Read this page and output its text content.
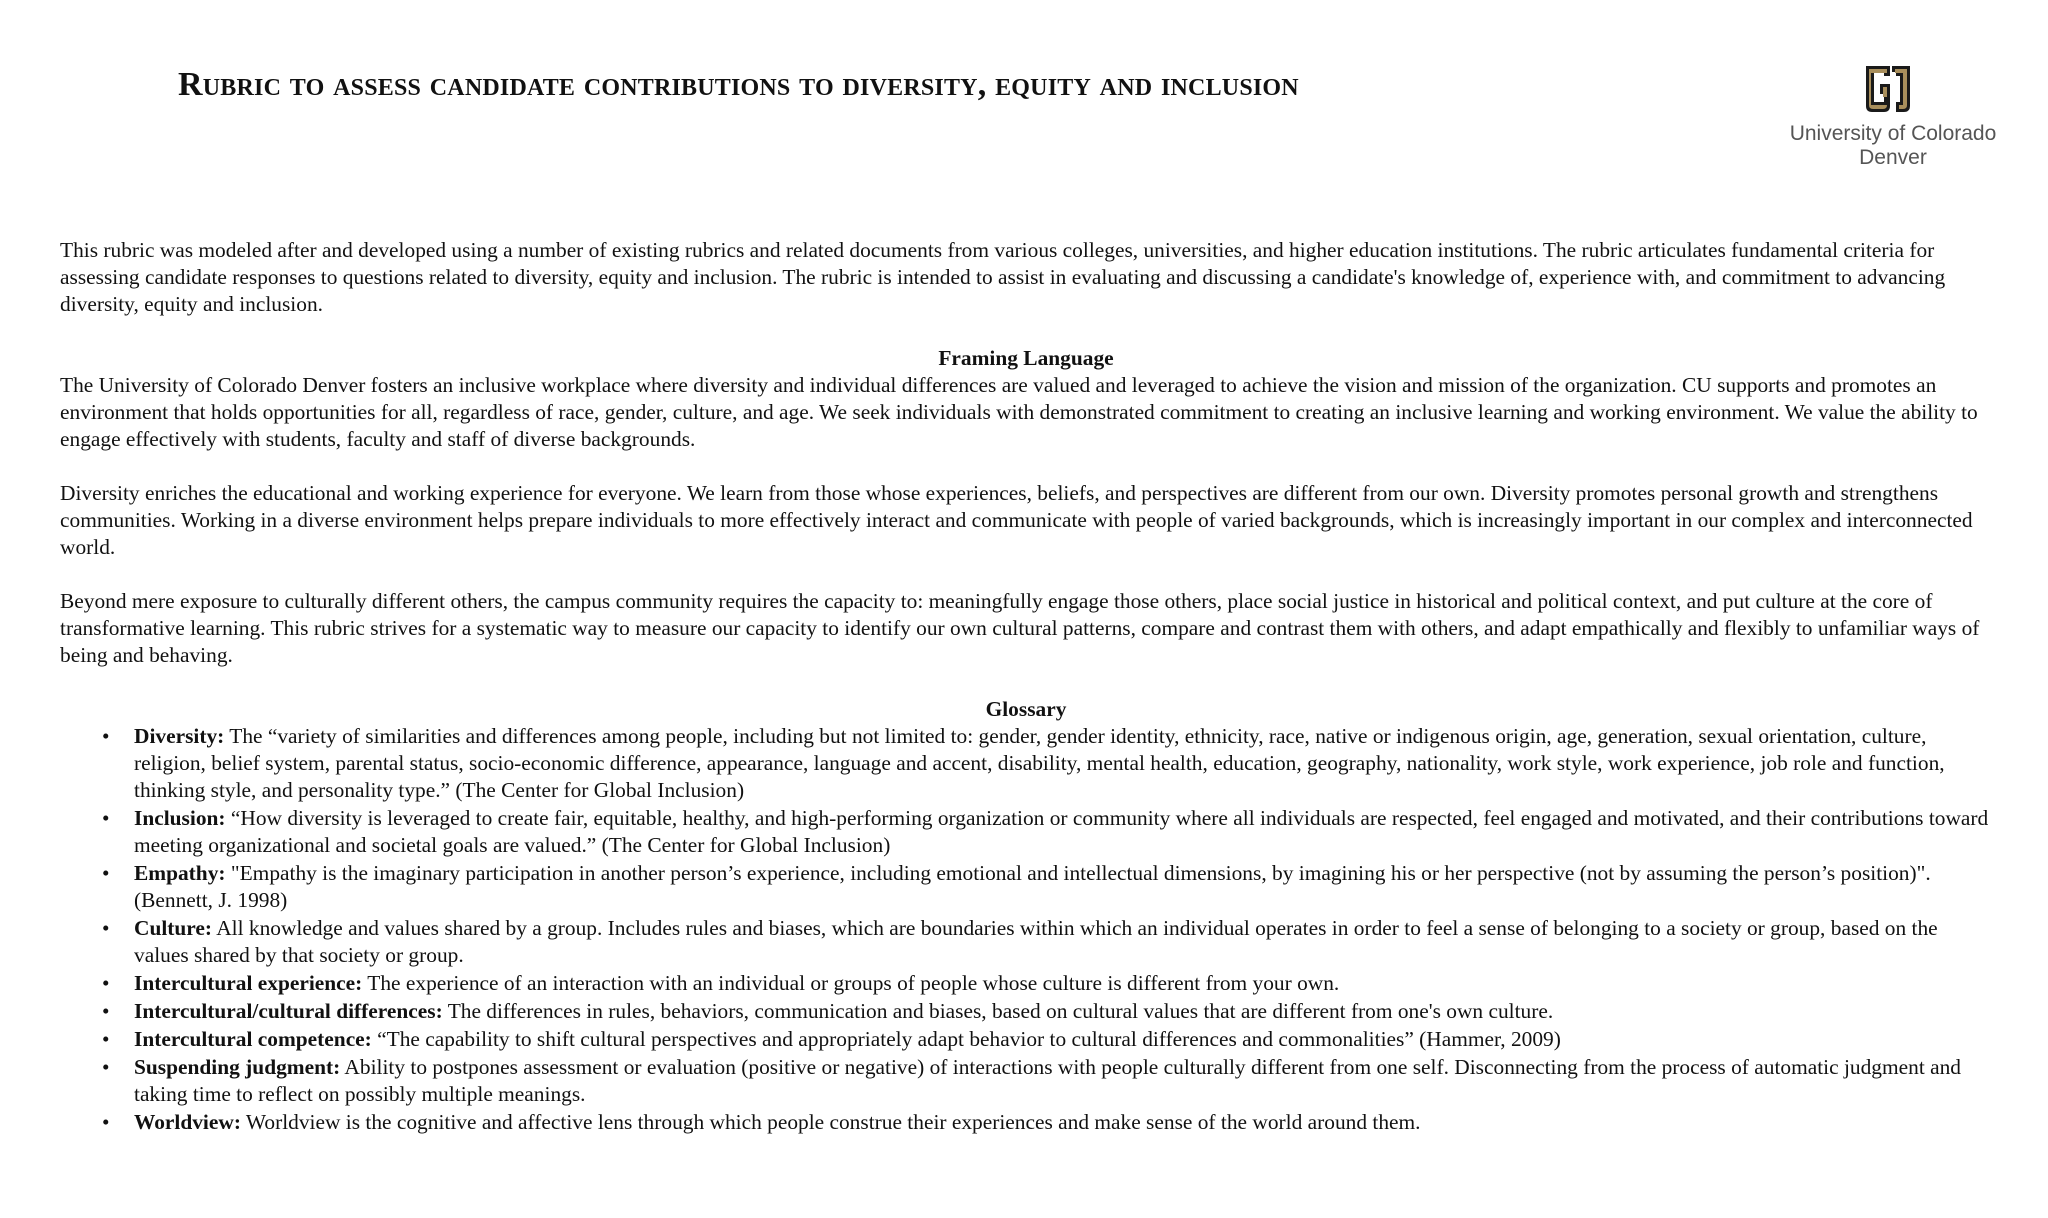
Rubric to assess candidate contributions to diversity, equity and inclusion
University of Colorado
Denver

This rubric was modeled after and developed using a number of existing rubrics and related documents from various colleges, universities, and higher education institutions. The rubric articulates fundamental criteria for assessing candidate responses to questions related to diversity, equity and inclusion. The rubric is intended to assist in evaluating and discussing a candidate's knowledge of, experience with, and commitment to advancing diversity, equity and inclusion.

Framing Language

The University of Colorado Denver fosters an inclusive workplace where diversity and individual differences are valued and leveraged to achieve the vision and mission of the organization. CU supports and promotes an environment that holds opportunities for all, regardless of race, gender, culture, and age. We seek individuals with demonstrated commitment to creating an inclusive learning and working environment. We value the ability to engage effectively with students, faculty and staff of diverse backgrounds.

Diversity enriches the educational and working experience for everyone. We learn from those whose experiences, beliefs, and perspectives are different from our own. Diversity promotes personal growth and strengthens communities. Working in a diverse environment helps prepare individuals to more effectively interact and communicate with people of varied backgrounds, which is increasingly important in our complex and interconnected world.

Beyond mere exposure to culturally different others, the campus community requires the capacity to: meaningfully engage those others, place social justice in historical and political context, and put culture at the core of transformative learning. This rubric strives for a systematic way to measure our capacity to identify our own cultural patterns, compare and contrast them with others, and adapt empathically and flexibly to unfamiliar ways of being and behaving.

Glossary

• Diversity: The “variety of similarities and differences among people, including but not limited to: gender, gender identity, ethnicity, race, native or indigenous origin, age, generation, sexual orientation, culture, religion, belief system, parental status, socio-economic difference, appearance, language and accent, disability, mental health, education, geography, nationality, work style, work experience, job role and function, thinking style, and personality type.” (The Center for Global Inclusion)
• Inclusion: “How diversity is leveraged to create fair, equitable, healthy, and high-performing organization or community where all individuals are respected, feel engaged and motivated, and their contributions toward meeting organizational and societal goals are valued.” (The Center for Global Inclusion)
• Empathy: "Empathy is the imaginary participation in another person’s experience, including emotional and intellectual dimensions, by imagining his or her perspective (not by assuming the person’s position)". (Bennett, J. 1998)
• Culture: All knowledge and values shared by a group. Includes rules and biases, which are boundaries within which an individual operates in order to feel a sense of belonging to a society or group, based on the values shared by that society or group.
• Intercultural experience: The experience of an interaction with an individual or groups of people whose culture is different from your own.
• Intercultural/cultural differences: The differences in rules, behaviors, communication and biases, based on cultural values that are different from one's own culture.
• Intercultural competence: “The capability to shift cultural perspectives and appropriately adapt behavior to cultural differences and commonalities” (Hammer, 2009)
• Suspending judgment: Ability to postpones assessment or evaluation (positive or negative) of interactions with people culturally different from one self. Disconnecting from the process of automatic judgment and taking time to reflect on possibly multiple meanings.
• Worldview: Worldview is the cognitive and affective lens through which people construe their experiences and make sense of the world around them.
